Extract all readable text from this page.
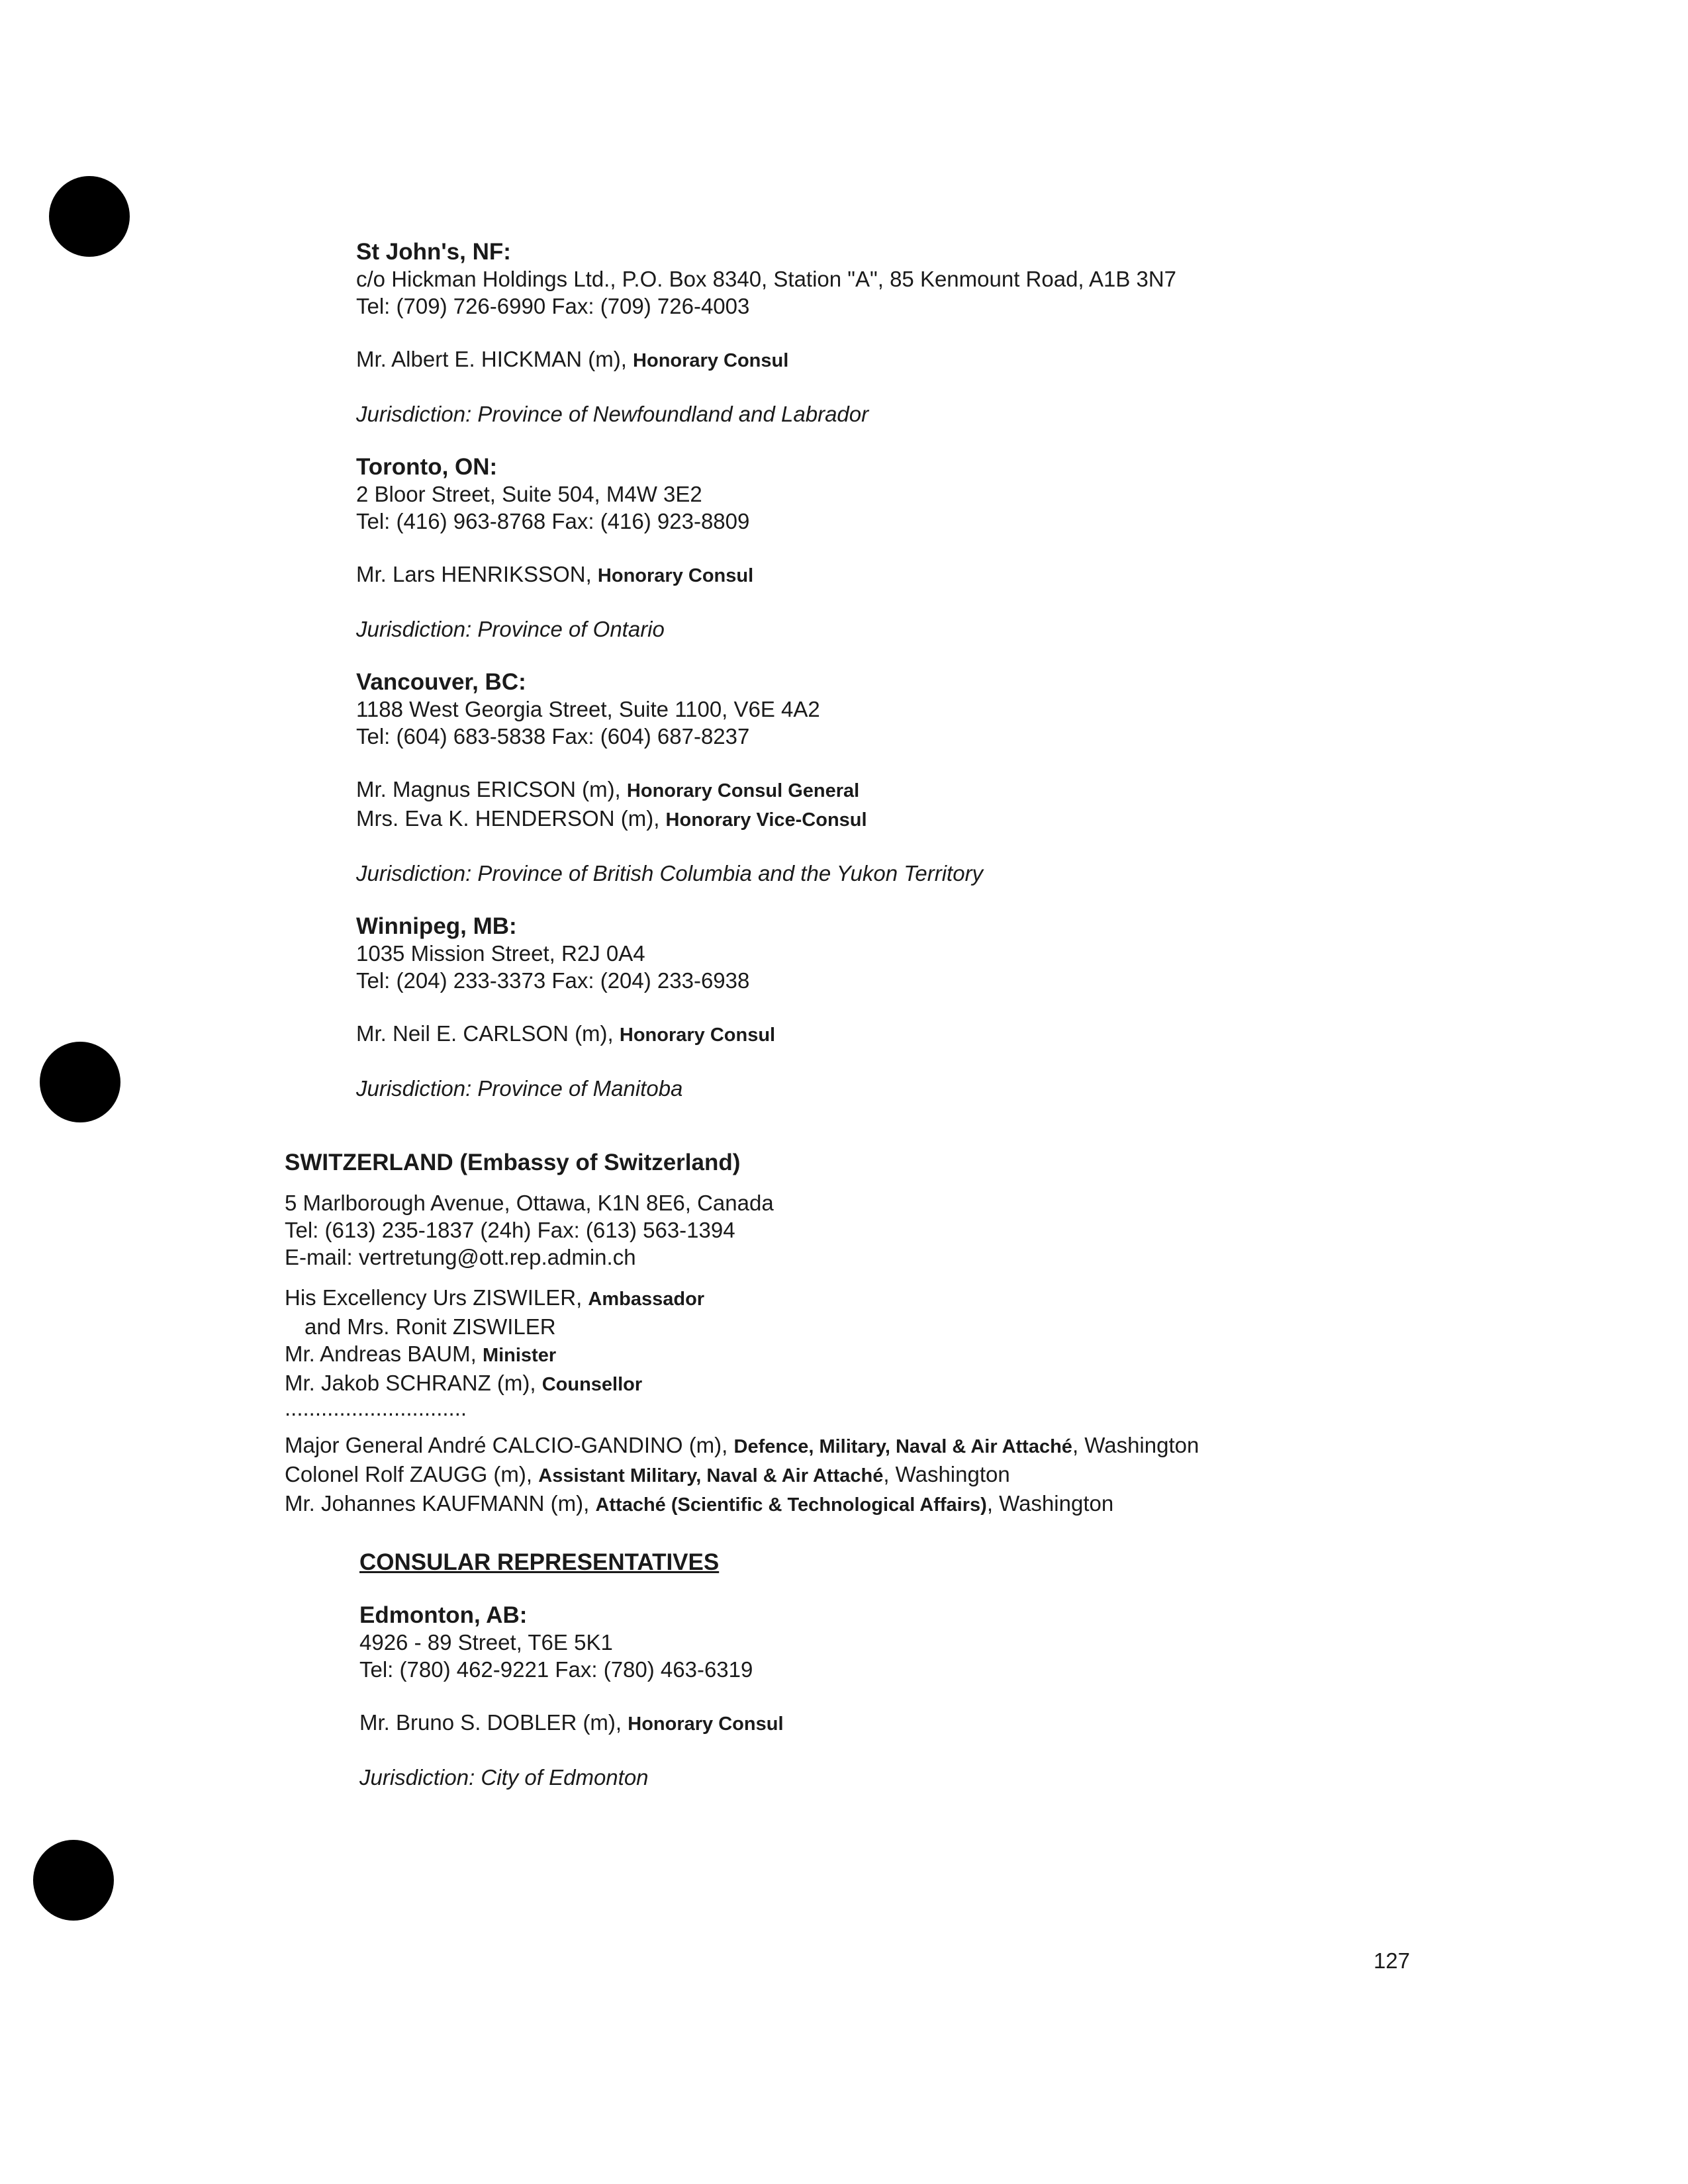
St John's, NF:
c/o Hickman Holdings Ltd., P.O. Box 8340, Station "A", 85 Kenmount Road, A1B 3N7
Tel: (709) 726-6990 Fax: (709) 726-4003
Mr. Albert E. HICKMAN (m), Honorary Consul
Jurisdiction: Province of Newfoundland and Labrador
Toronto, ON:
2 Bloor Street, Suite 504, M4W 3E2
Tel: (416) 963-8768 Fax: (416) 923-8809
Mr. Lars HENRIKSSON, Honorary Consul
Jurisdiction: Province of Ontario
Vancouver, BC:
1188 West Georgia Street, Suite 1100, V6E 4A2
Tel: (604) 683-5838 Fax: (604) 687-8237
Mr. Magnus ERICSON (m), Honorary Consul General
Mrs. Eva K. HENDERSON (m), Honorary Vice-Consul
Jurisdiction: Province of British Columbia and the Yukon Territory
Winnipeg, MB:
1035 Mission Street, R2J 0A4
Tel: (204) 233-3373 Fax: (204) 233-6938
Mr. Neil E. CARLSON (m), Honorary Consul
Jurisdiction: Province of Manitoba
SWITZERLAND (Embassy of Switzerland)
5 Marlborough Avenue, Ottawa, K1N 8E6, Canada
Tel: (613) 235-1837 (24h) Fax: (613) 563-1394
E-mail: vertretung@ott.rep.admin.ch
His Excellency Urs ZISWILER, Ambassador
and Mrs. Ronit ZISWILER
Mr. Andreas BAUM, Minister
Mr. Jakob SCHRANZ (m), Counsellor
..............................
Major General André CALCIO-GANDINO (m), Defence, Military, Naval & Air Attaché, Washington
Colonel Rolf ZAUGG (m), Assistant Military, Naval & Air Attaché, Washington
Mr. Johannes KAUFMANN (m), Attaché (Scientific & Technological Affairs), Washington
CONSULAR REPRESENTATIVES
Edmonton, AB:
4926 - 89 Street, T6E 5K1
Tel: (780) 462-9221 Fax: (780) 463-6319
Mr. Bruno S. DOBLER (m), Honorary Consul
Jurisdiction: City of Edmonton
127
